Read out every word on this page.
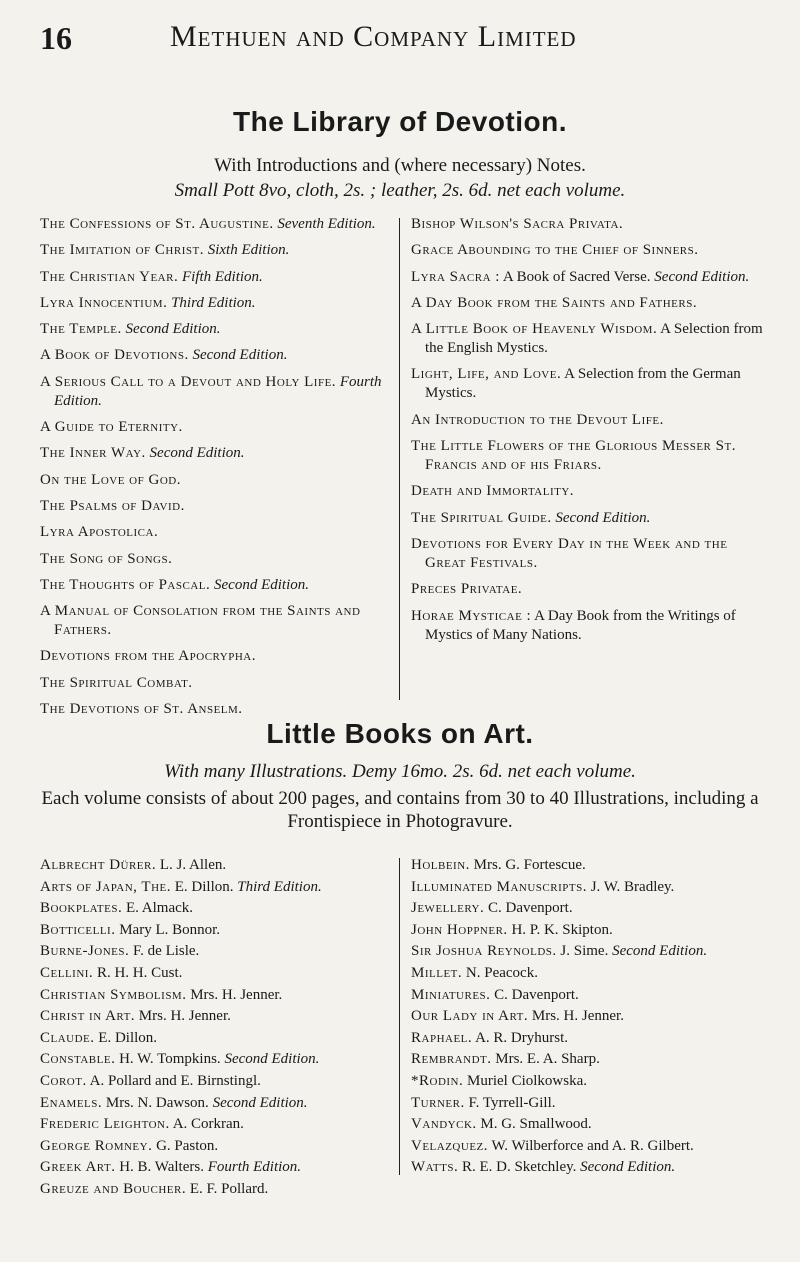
16	Methuen and Company Limited
The Library of Devotion.
With Introductions and (where necessary) Notes.
Small Pott 8vo, cloth, 2s. ; leather, 2s. 6d. net each volume.
The Confessions of St. Augustine. Seventh Edition.
The Imitation of Christ. Sixth Edition.
The Christian Year. Fifth Edition.
Lyra Innocentium. Third Edition.
The Temple. Second Edition.
A Book of Devotions. Second Edition.
A Serious Call to a Devout and Holy Life. Fourth Edition.
A Guide to Eternity.
The Inner Way. Second Edition.
On the Love of God.
The Psalms of David.
Lyra Apostolica.
The Song of Songs.
The Thoughts of Pascal. Second Edition.
A Manual of Consolation from the Saints and Fathers.
Devotions from the Apocrypha.
The Spiritual Combat.
The Devotions of St. Anselm.
Bishop Wilson's Sacra Privata.
Grace Abounding to the Chief of Sinners.
Lyra Sacra : A Book of Sacred Verse. Second Edition.
A Day Book from the Saints and Fathers.
A Little Book of Heavenly Wisdom. A Selection from the English Mystics.
Light, Life, and Love. A Selection from the German Mystics.
An Introduction to the Devout Life.
The Little Flowers of the Glorious Messer St. Francis and of his Friars.
Death and Immortality.
The Spiritual Guide. Second Edition.
Devotions for Every Day in the Week and the Great Festivals.
Preces Privatae.
Horae Mysticae : A Day Book from the Writings of Mystics of Many Nations.
Little Books on Art.
With many Illustrations. Demy 16mo. 2s. 6d. net each volume.
Each volume consists of about 200 pages, and contains from 30 to 40 Illustrations, including a Frontispiece in Photogravure.
Albrecht Dürer. L. J. Allen.
Arts of Japan, The. E. Dillon. Third Edition.
Bookplates. E. Almack.
Botticelli. Mary L. Bonnor.
Burne-Jones. F. de Lisle.
Cellini. R. H. H. Cust.
Christian Symbolism. Mrs. H. Jenner.
Christ in Art. Mrs. H. Jenner.
Claude. E. Dillon.
Constable. H. W. Tompkins. Second Edition.
Corot. A. Pollard and E. Birnstingl.
Enamels. Mrs. N. Dawson. Second Edition.
Frederic Leighton. A. Corkran.
George Romney. G. Paston.
Greek Art. H. B. Walters. Fourth Edition.
Greuze and Boucher. E. F. Pollard.
Holbein. Mrs. G. Fortescue.
Illuminated Manuscripts. J. W. Bradley.
Jewellery. C. Davenport.
John Hoppner. H. P. K. Skipton.
Sir Joshua Reynolds. J. Sime. Second Edition.
Millet. N. Peacock.
Miniatures. C. Davenport.
Our Lady in Art. Mrs. H. Jenner.
Raphael. A. R. Dryhurst.
Rembrandt. Mrs. E. A. Sharp.
*Rodin. Muriel Ciolkowska.
Turner. F. Tyrrell-Gill.
Vandyck. M. G. Smallwood.
Velazquez. W. Wilberforce and A. R. Gilbert.
Watts. R. E. D. Sketchley. Second Edition.
